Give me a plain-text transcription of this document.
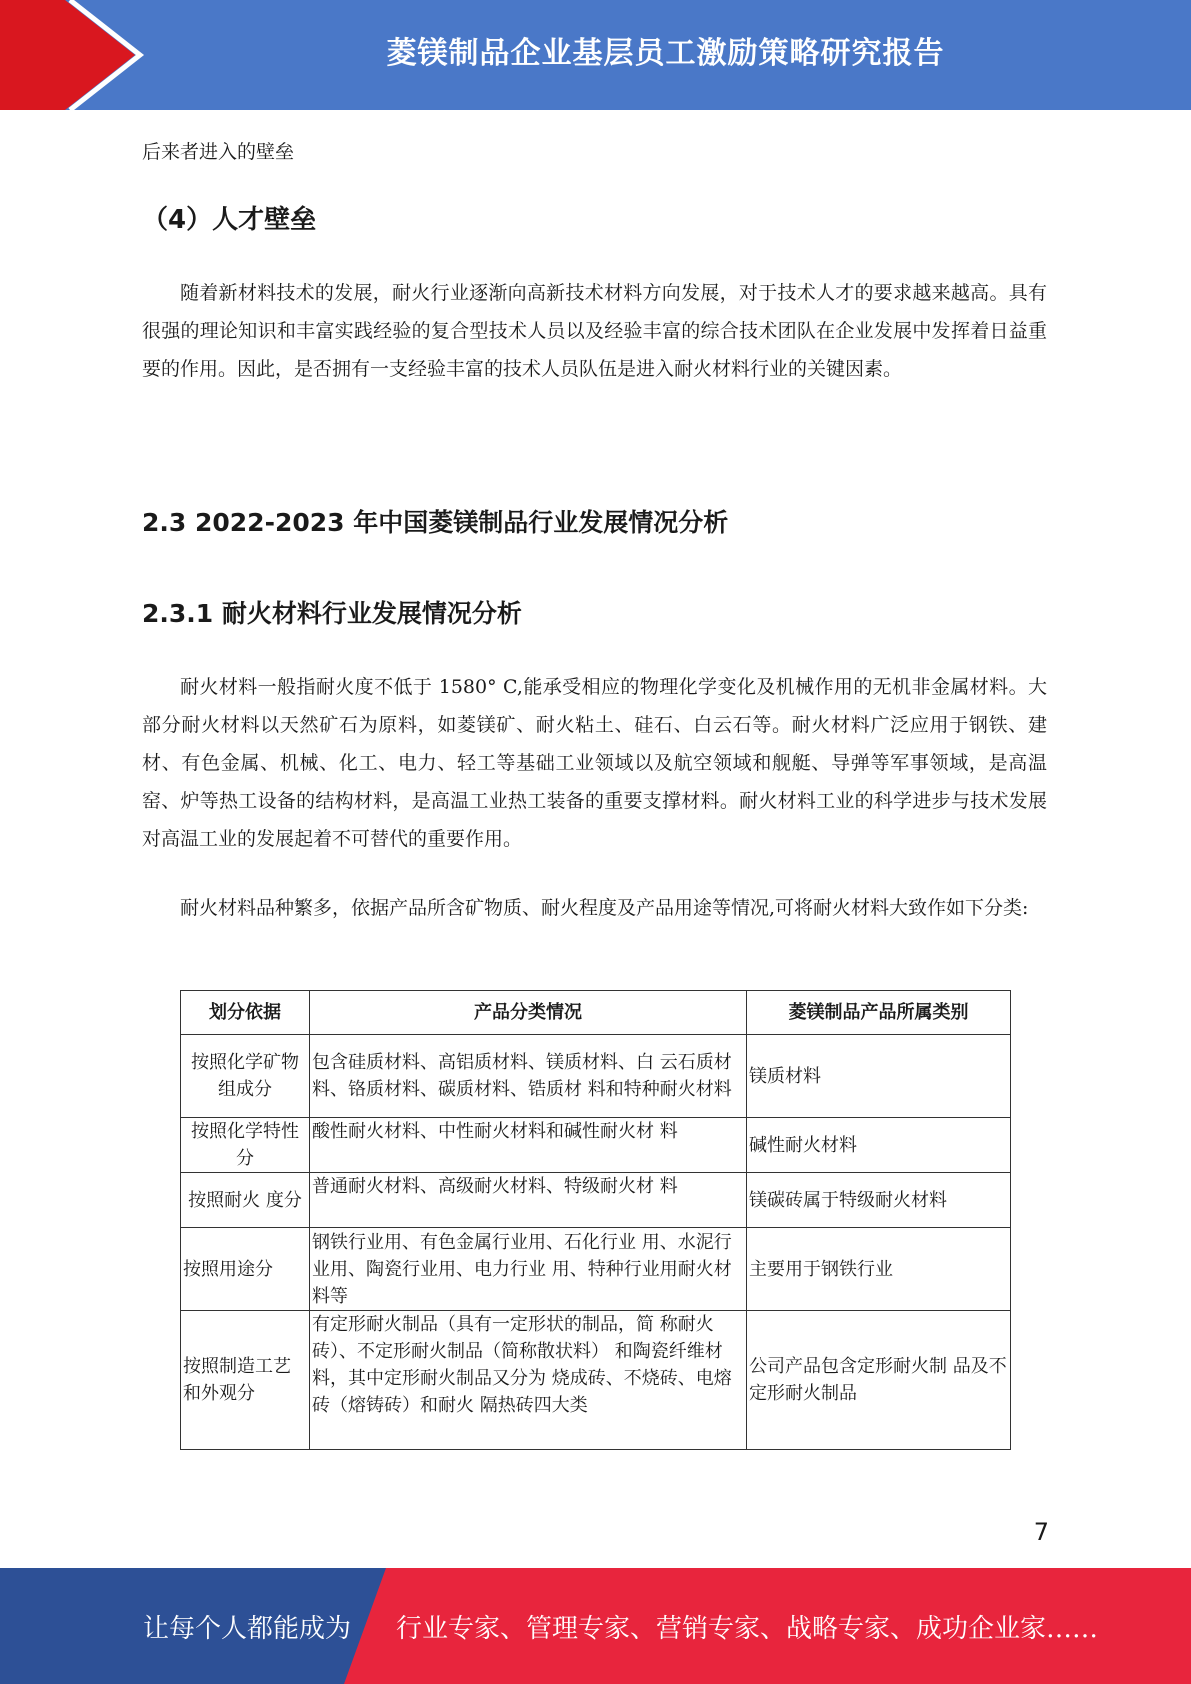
菱镁制品企业基层员工激励策略研究报告

后来者进入的壁垒

（4）人才壁垒

随着新材料技术的发展，耐火行业逐渐向高新技术材料方向发展，对于技术人才的要求越来越高。具有很强的理论知识和丰富实践经验的复合型技术人员以及经验丰富的综合技术团队在企业发展中发挥着日益重要的作用。因此，是否拥有一支经验丰富的技术人员队伍是进入耐火材料行业的关键因素。

2.3 2022-2023 年中国菱镁制品行业发展情况分析
2.3.1 耐火材料行业发展情况分析

耐火材料一般指耐火度不低于 1580° C,能承受相应的物理化学变化及机械作用的无机非金属材料。大部分耐火材料以天然矿石为原料，如菱镁矿、耐火粘土、硅石、白云石等。耐火材料广泛应用于钢铁、建材、有色金属、机械、化工、电力、轻工等基础工业领域以及航空领域和舰艇、导弹等军事领域，是高温窑、炉等热工设备的结构材料，是高温工业热工装备的重要支撑材料。耐火材料工业的科学进步与技术发展对高温工业的发展起着不可替代的重要作用。

耐火材料品种繁多，依据产品所含矿物质、耐火程度及产品用途等情况,可将耐火材料大致作如下分类:

划分依据	产品分类情况	菱镁制品产品所属类别
按照化学矿物组成分	包含硅质材料、高铝质材料、镁质材料、白 云石质材料、铬质材料、碳质材料、锆质材 料和特种耐火材料	镁质材料
按照化学特性分	酸性耐火材料、中性耐火材料和碱性耐火材 料	碱性耐火材料
按照耐火 度分	普通耐火材料、高级耐火材料、特级耐火材 料	镁碳砖属于特级耐火材料
按照用途分	钢铁行业用、有色金属行业用、石化行业 用、水泥行业用、陶瓷行业用、电力行业 用、特种行业用耐火材料等	主要用于钢铁行业
按照制造工艺和外观分	有定形耐火制品（具有一定形状的制品，简 称耐火砖）、不定形耐火制品（简称散状料） 和陶瓷纤维材料，其中定形耐火制品又分为 烧成砖、不烧砖、电熔砖（熔铸砖）和耐火 隔热砖四大类	公司产品包含定形耐火制 品及不定形耐火制品
7
让每个人都能成为 行业专家、管理专家、营销专家、战略专家、成功企业家……
